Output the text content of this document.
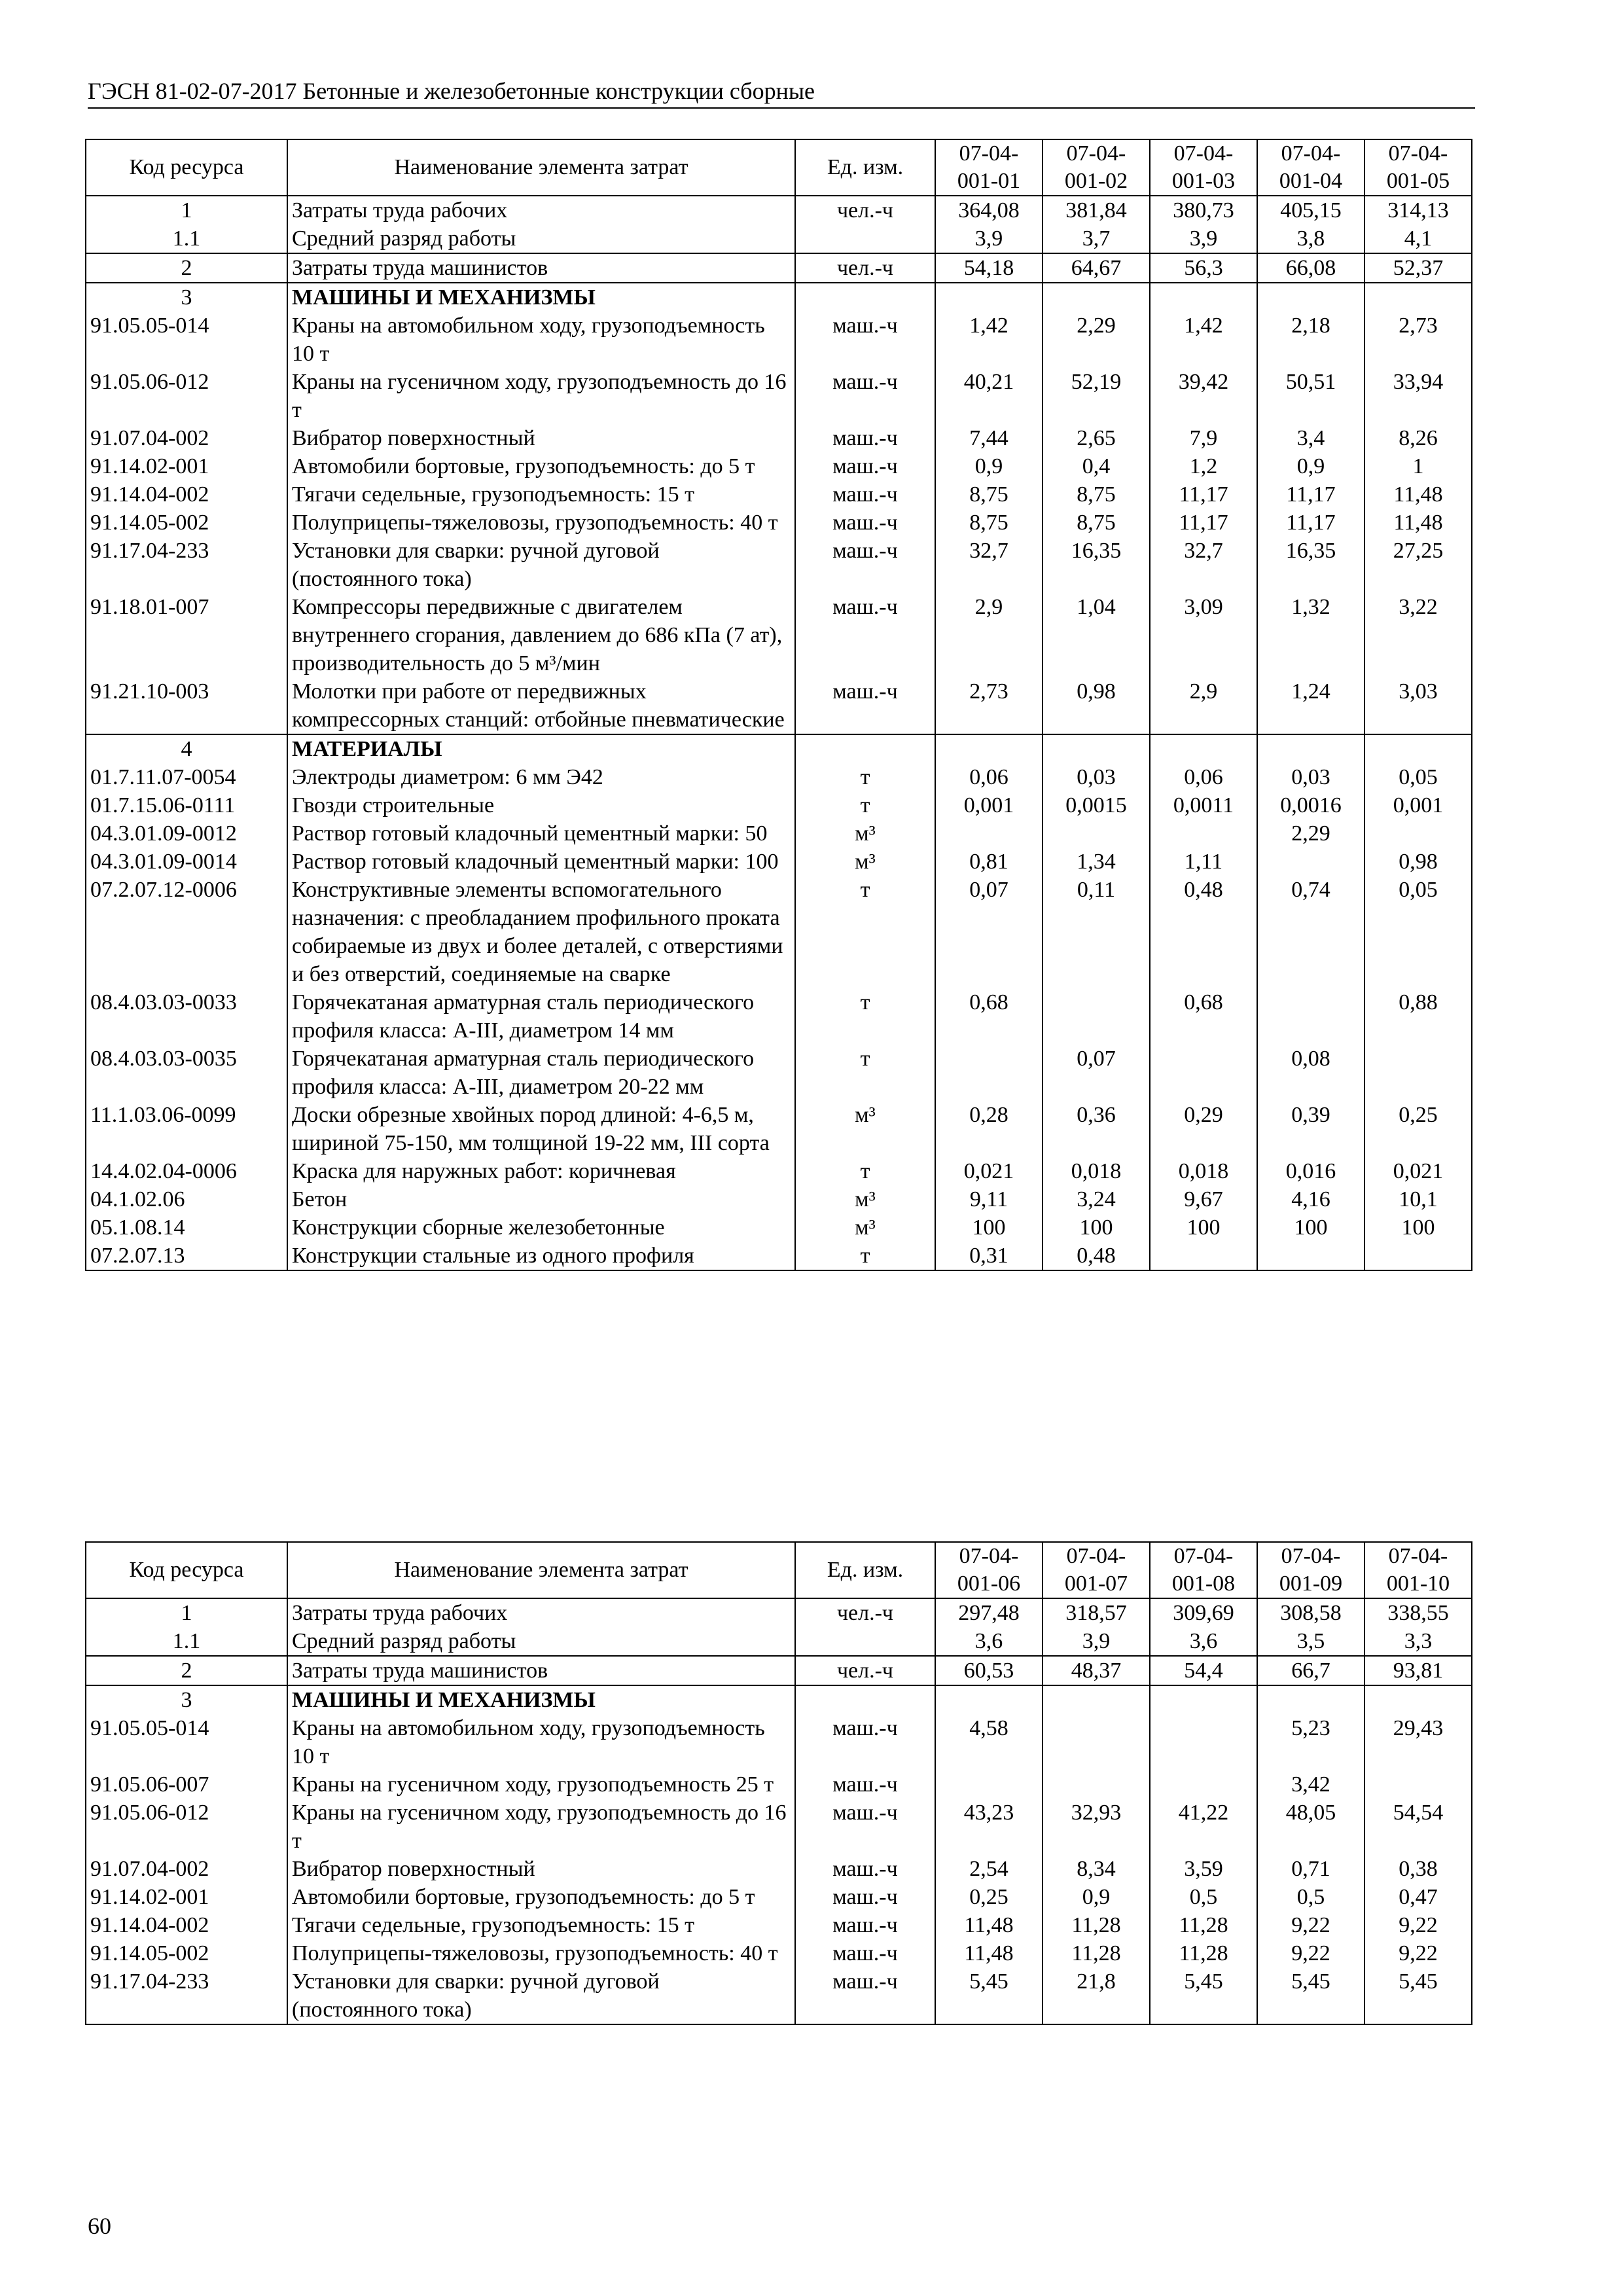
ГЭСН 81-02-07-2017 Бетонные и железобетонные конструкции сборные
Код ресурса	Наименование элемента затрат	Ед. изм.	07-04-
001-01	07-04-
001-02	07-04-
001-03	07-04-
001-04	07-04-
001-05
1	Затраты труда рабочих	чел.-ч	364,08	381,84	380,73	405,15	314,13
1.1	Средний разряд работы		3,9	3,7	3,9	3,8	4,1
2	Затраты труда машинистов	чел.-ч	54,18	64,67	56,3	66,08	52,37
3	МАШИНЫ И МЕХАНИЗМЫ						
91.05.05-014	Краны на автомобильном ходу, грузоподъемность 10 т	маш.-ч	1,42	2,29	1,42	2,18	2,73
91.05.06-012	Краны на гусеничном ходу, грузоподъемность до 16 т	маш.-ч	40,21	52,19	39,42	50,51	33,94
91.07.04-002	Вибратор поверхностный	маш.-ч	7,44	2,65	7,9	3,4	8,26
91.14.02-001	Автомобили бортовые, грузоподъемность: до 5 т	маш.-ч	0,9	0,4	1,2	0,9	1
91.14.04-002	Тягачи седельные, грузоподъемность: 15 т	маш.-ч	8,75	8,75	11,17	11,17	11,48
91.14.05-002	Полуприцепы-тяжеловозы, грузоподъемность: 40 т	маш.-ч	8,75	8,75	11,17	11,17	11,48
91.17.04-233	Установки для сварки: ручной дуговой (постоянного тока)	маш.-ч	32,7	16,35	32,7	16,35	27,25
91.18.01-007	Компрессоры передвижные с двигателем внутреннего сгорания, давлением до 686 кПа (7 ат), производительность до 5 м³/мин	маш.-ч	2,9	1,04	3,09	1,32	3,22
91.21.10-003	Молотки при работе от передвижных компрессорных станций: отбойные пневматические	маш.-ч	2,73	0,98	2,9	1,24	3,03
4	МАТЕРИАЛЫ						
01.7.11.07-0054	Электроды диаметром: 6 мм Э42	т	0,06	0,03	0,06	0,03	0,05
01.7.15.06-0111	Гвозди строительные	т	0,001	0,0015	0,0011	0,0016	0,001
04.3.01.09-0012	Раствор готовый кладочный цементный марки: 50	м³				2,29	
04.3.01.09-0014	Раствор готовый кладочный цементный марки: 100	м³	0,81	1,34	1,11		0,98
07.2.07.12-0006	Конструктивные элементы вспомогательного назначения: с преобладанием профильного проката собираемые из двух и более деталей, с отверстиями и без отверстий, соединяемые на сварке	т	0,07	0,11	0,48	0,74	0,05
08.4.03.03-0033	Горячекатаная арматурная сталь периодического профиля класса: А-III, диаметром 14 мм	т	0,68		0,68		0,88
08.4.03.03-0035	Горячекатаная арматурная сталь периодического профиля класса: А-III, диаметром 20-22 мм	т		0,07		0,08	
11.1.03.06-0099	Доски обрезные хвойных пород длиной: 4-6,5 м, шириной 75-150, мм толщиной 19-22 мм, III сорта	м³	0,28	0,36	0,29	0,39	0,25
14.4.02.04-0006	Краска для наружных работ: коричневая	т	0,021	0,018	0,018	0,016	0,021
04.1.02.06	Бетон	м³	9,11	3,24	9,67	4,16	10,1
05.1.08.14	Конструкции сборные железобетонные	м³	100	100	100	100	100
07.2.07.13	Конструкции стальные из одного профиля	т	0,31	0,48			
Код ресурса	Наименование элемента затрат	Ед. изм.	07-04-
001-06	07-04-
001-07	07-04-
001-08	07-04-
001-09	07-04-
001-10
1	Затраты труда рабочих	чел.-ч	297,48	318,57	309,69	308,58	338,55
1.1	Средний разряд работы		3,6	3,9	3,6	3,5	3,3
2	Затраты труда машинистов	чел.-ч	60,53	48,37	54,4	66,7	93,81
3	МАШИНЫ И МЕХАНИЗМЫ						
91.05.05-014	Краны на автомобильном ходу, грузоподъемность 10 т	маш.-ч	4,58			5,23	29,43
91.05.06-007	Краны на гусеничном ходу, грузоподъемность 25 т	маш.-ч				3,42	
91.05.06-012	Краны на гусеничном ходу, грузоподъемность до 16 т	маш.-ч	43,23	32,93	41,22	48,05	54,54
91.07.04-002	Вибратор поверхностный	маш.-ч	2,54	8,34	3,59	0,71	0,38
91.14.02-001	Автомобили бортовые, грузоподъемность: до 5 т	маш.-ч	0,25	0,9	0,5	0,5	0,47
91.14.04-002	Тягачи седельные, грузоподъемность: 15 т	маш.-ч	11,48	11,28	11,28	9,22	9,22
91.14.05-002	Полуприцепы-тяжеловозы, грузоподъемность: 40 т	маш.-ч	11,48	11,28	11,28	9,22	9,22
91.17.04-233	Установки для сварки: ручной дуговой (постоянного тока)	маш.-ч	5,45	21,8	5,45	5,45	5,45
60
